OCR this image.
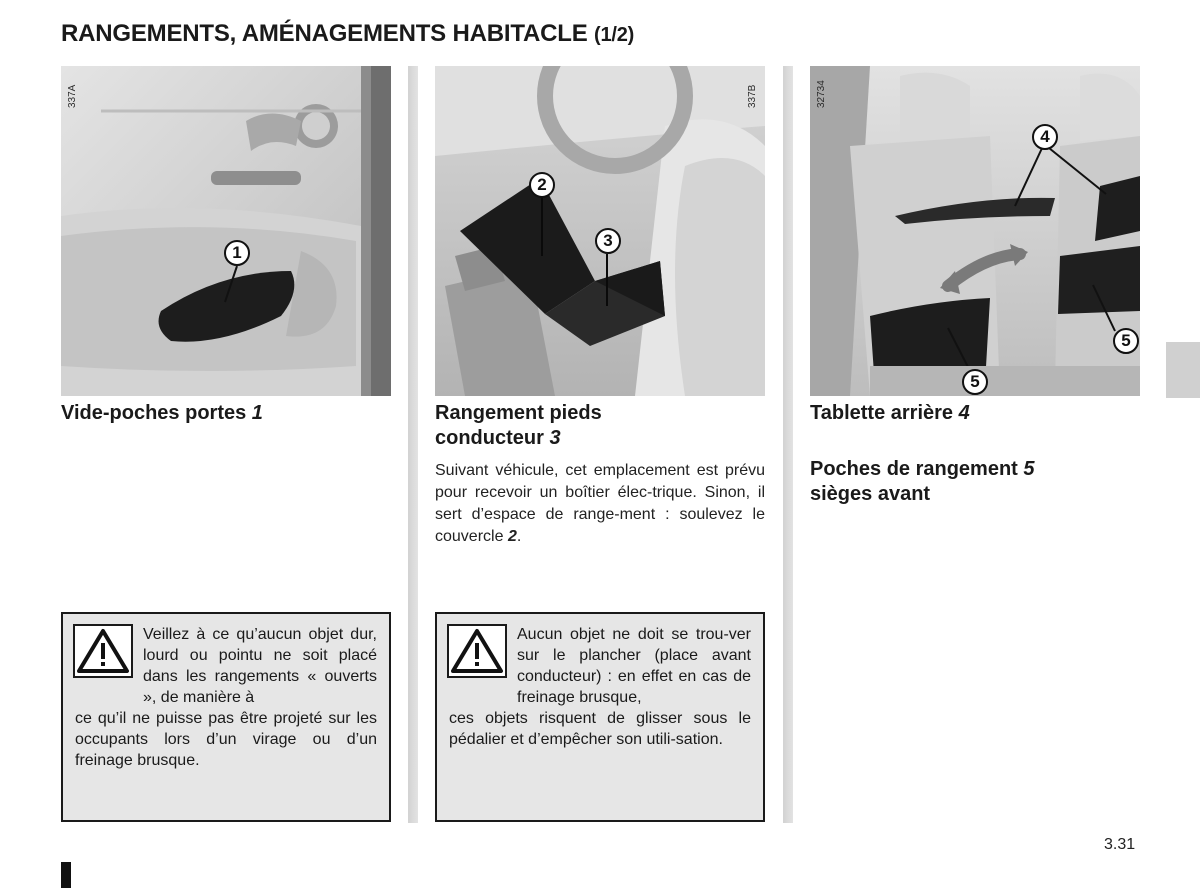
RANGEMENTS, AMÉNAGEMENTS HABITACLE (1/2)
337A
1
337B
2
3
32734
4
5
5
Vide-poches portes 1	Rangement pieds
conducteur 3

Suivant véhicule, cet emplacement est prévu pour recevoir un boîtier élec-trique. Sinon, il sert d’espace de range-ment : soulevez le couvercle 2.

Tablette arrière 4
Poches de rangement 5
sièges avant

Veillez à ce qu’aucun objet dur, lourd ou pointu ne soit placé dans les rangements « ouverts », de manière à

ce qu’il ne puisse pas être projeté sur les occupants lors d’un virage ou d’un freinage brusque.

Aucun objet ne doit se trou-ver sur le plancher (place avant conducteur) : en effet en cas de freinage brusque,

ces objets risquent de glisser sous le pédalier et d’empêcher son utili-sation.

3.31
